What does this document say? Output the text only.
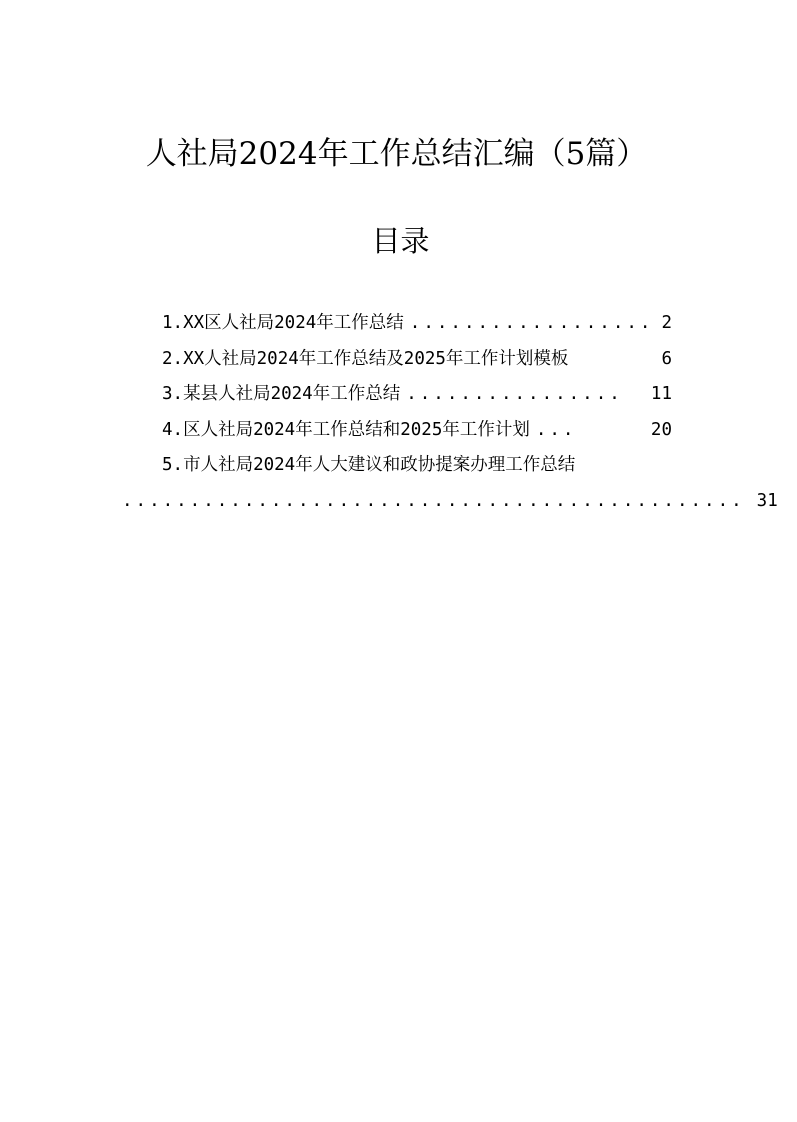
人社局2024年工作总结汇编（5篇）
目录
1.XX区人社局2024年工作总结 .................. 2
2.XX人社局2024年工作总结及2025年工作计划模板	6
3.某县人社局2024年工作总结 ................	11
4.区人社局2024年工作总结和2025年工作计划 ...	20
5.市人社局2024年人大建议和政协提案办理工作总结
.............................................. 31
